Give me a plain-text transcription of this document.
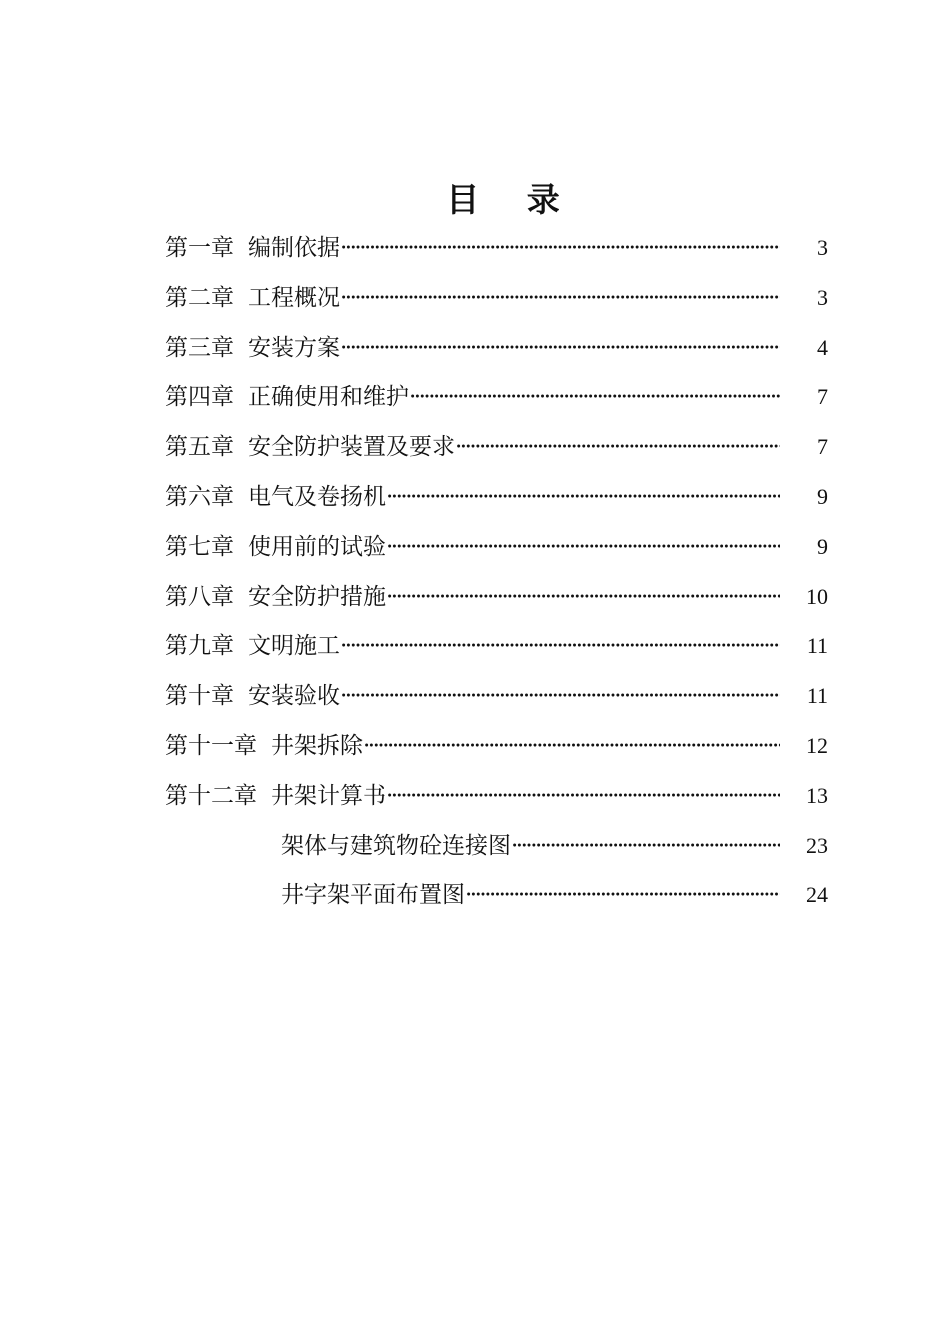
目 录
第一章 编制依据 ·····	3
第二章 工程概况 ·····	3
第三章 安装方案 ·····	4
第四章 正确使用和维护 ·····	7
第五章 安全防护装置及要求 ·····	7
第六章 电气及卷扬机 ·····	9
第七章 使用前的试验 ·····	9
第八章 安全防护措施 ·····	10
第九章 文明施工 ·····	11
第十章 安装验收 ·····	11
第十一章 井架拆除 ·····	12
第十二章 井架计算书 ·····	13
架体与建筑物砼连接图 ·····	23
井字架平面布置图 ·····	24
